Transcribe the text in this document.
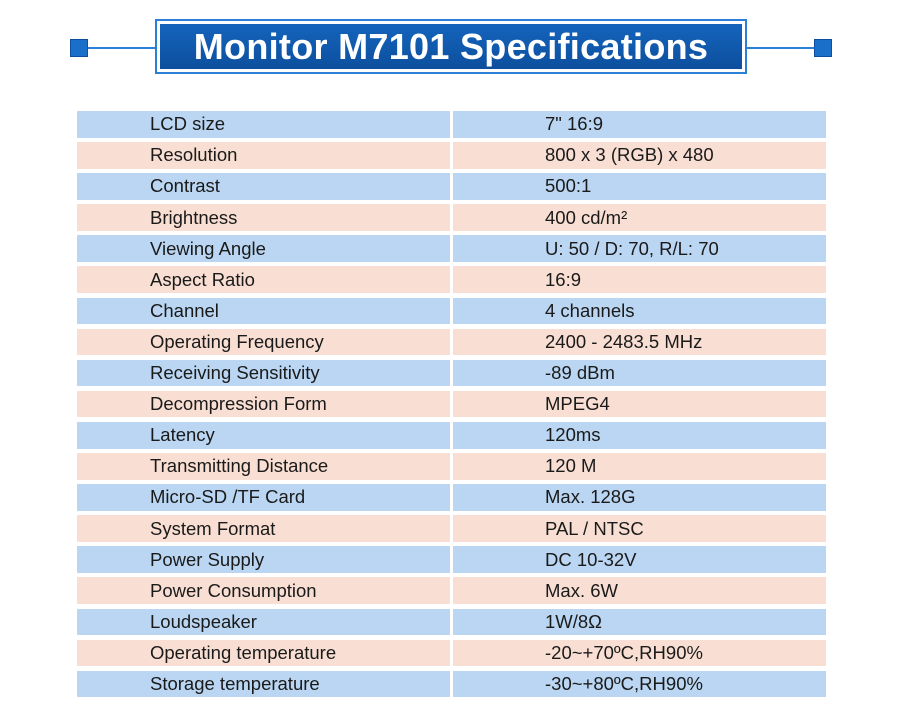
Monitor M7101 Specifications
LCD size	7" 16:9
Resolution	800 x 3 (RGB) x 480
Contrast	500:1
Brightness	400 cd/m²
Viewing Angle	U: 50 / D: 70, R/L: 70
Aspect Ratio	16:9
Channel	4 channels
Operating Frequency	2400 - 2483.5 MHz
Receiving Sensitivity	-89 dBm
Decompression Form	MPEG4
Latency	120ms
Transmitting Distance	120 M
Micro-SD /TF Card	Max. 128G
System Format	PAL / NTSC
Power Supply	DC 10-32V
Power Consumption	Max. 6W
Loudspeaker	1W/8Ω
Operating temperature	-20~+70ºC,RH90%
Storage temperature	-30~+80ºC,RH90%
